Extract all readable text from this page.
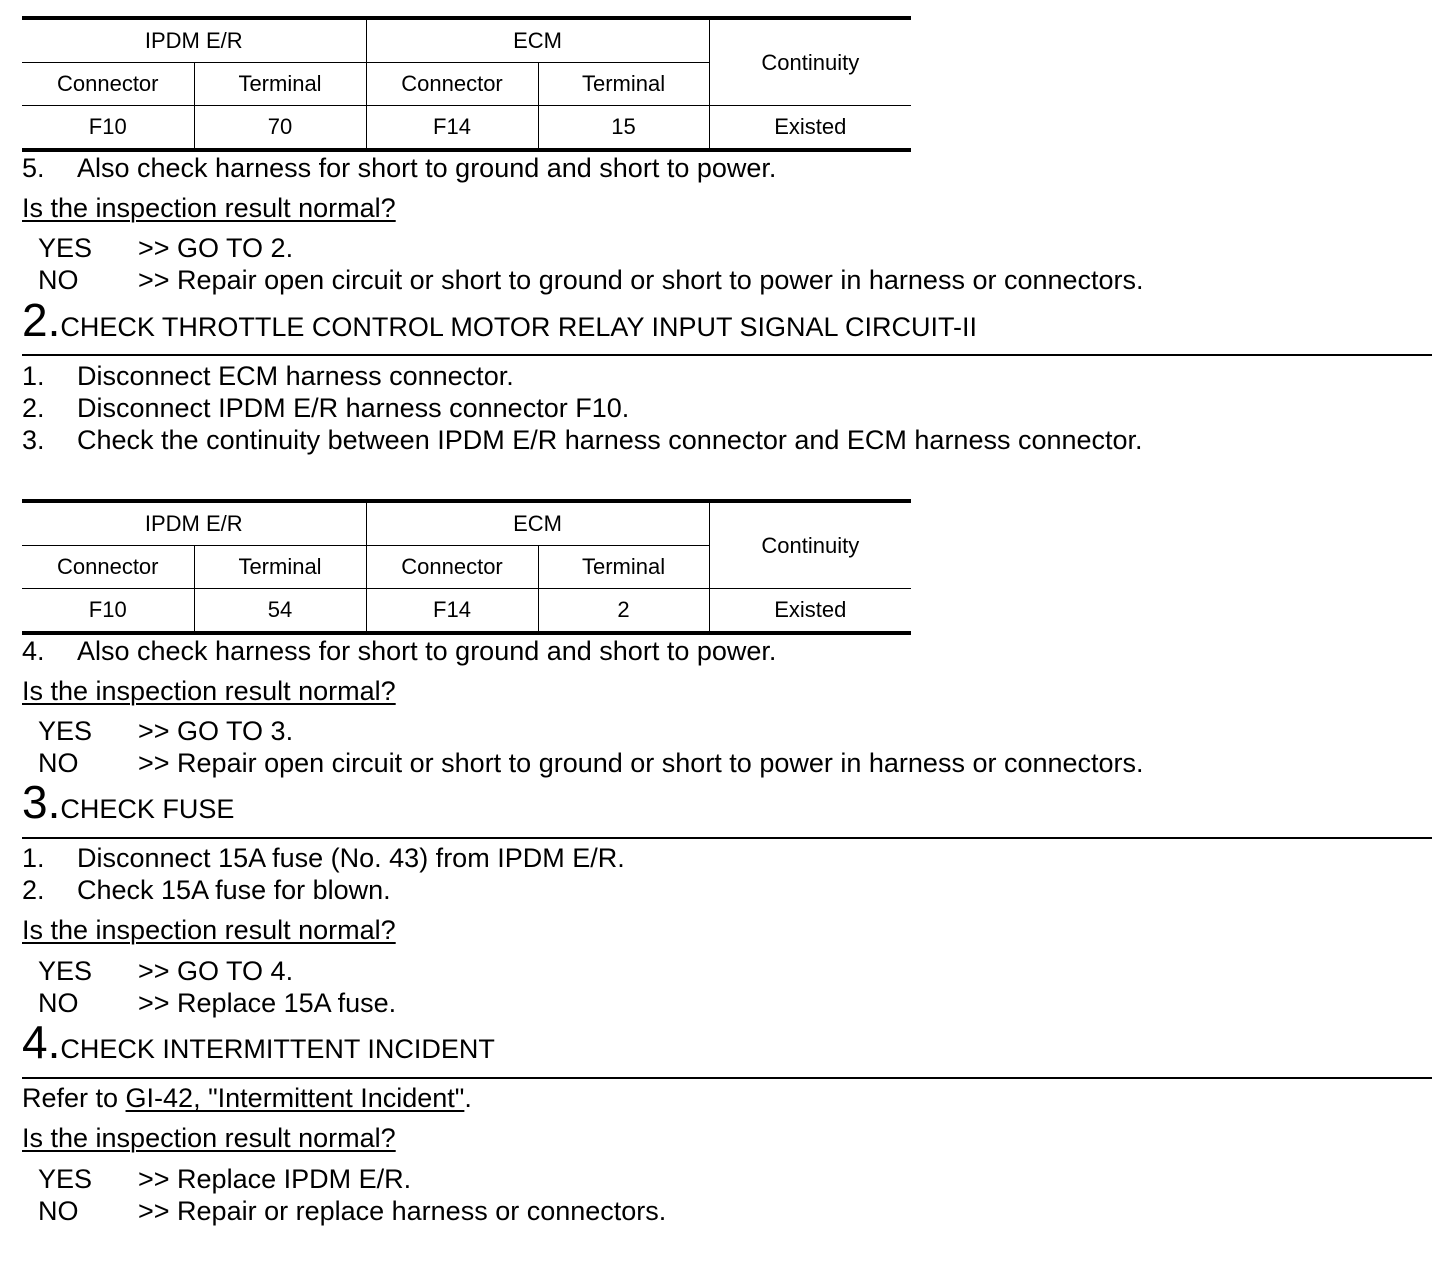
IPDM E/R		ECM		Continuity
Connector	Terminal	Connector	Terminal	
F10	70	F14	15	Existed
5. Also check harness for short to ground and short to power.
Is the inspection result normal?
YES >> GO TO 2.
NO >> Repair open circuit or short to ground or short to power in harness or connectors.
2.CHECK THROTTLE CONTROL MOTOR RELAY INPUT SIGNAL CIRCUIT-II
1. Disconnect ECM harness connector.
2. Disconnect IPDM E/R harness connector F10.
3. Check the continuity between IPDM E/R harness connector and ECM harness connector.
IPDM E/R		ECM		Continuity
Connector	Terminal	Connector	Terminal	
F10	54	F14	2	Existed
4. Also check harness for short to ground and short to power.
Is the inspection result normal?
YES >> GO TO 3.
NO >> Repair open circuit or short to ground or short to power in harness or connectors.
3.CHECK FUSE
1. Disconnect 15A fuse (No. 43) from IPDM E/R.
2. Check 15A fuse for blown.
Is the inspection result normal?
YES >> GO TO 4.
NO >> Replace 15A fuse.
4.CHECK INTERMITTENT INCIDENT
Refer to GI-42, "Intermittent Incident".
Is the inspection result normal?
YES >> Replace IPDM E/R.
NO >> Repair or replace harness or connectors.
